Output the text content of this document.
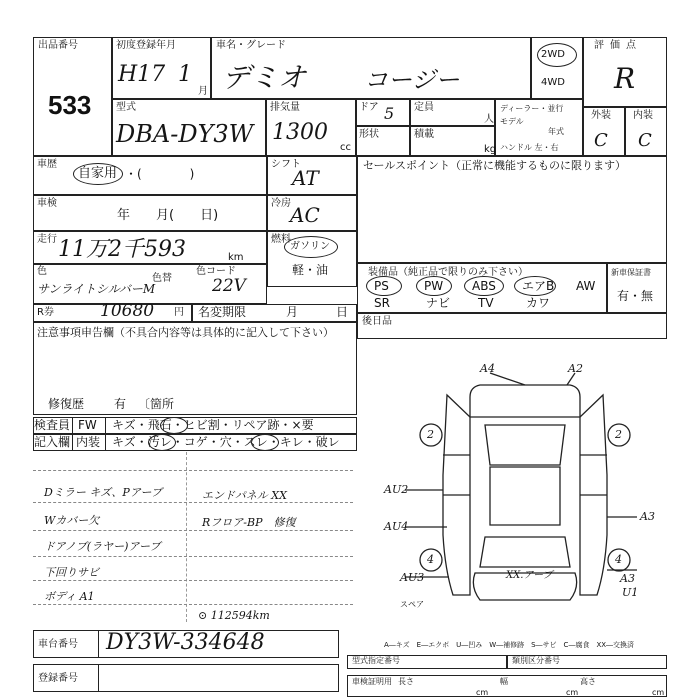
出品番号
533
初度登録年月
H17 1
月
車名・グレード
デミオ コージー
2WD
4WD
評価点
R
型式
DBA-DY3W
排気量
1300
cc
ドア 5 定員
人
ディーラー・並行
モデル
年式
ハンドル 左・右
形状	積載
kg
外装
C
内装
C
車歴
自家用 ・(　　　　)
シフト
AT
セールスポイント（正常に機能するものに限ります）
車検
年　　月(　　日)
冷房 AC
走行 11万2千593	km
燃料
ガソリン
軽・油
色
サンライトシルバーM
色替
色コード
22V
装備品（純正品で限りのみ下さい）	新車保証書
有・無
PS	PW ABS エアB AW
SR	ナビ TV	カワ
R券	10680 円 名変期限	月	日
後日品
注意事項申告欄（不具合内容等は具体的に記入して下さい）
修復歴 有 〔箇所
検査員 FW キズ・飛石・ヒビ割・リペア跡・×要
記入欄 内装 キズ・汚レ・コゲ・穴・スレ・キレ・破レ
Dミラー キズ、Pアーブ
Wカバー欠
ドアノブ(ラヤー)アーブ
下回りサビ
ボディ A1
エンドパネル XX
Rフロア-BP　修復
⊙ 112594km
A4	A2
2	2
AU2
AU4
A3
4	4
AU3	A3
U1
XX.アーブ
スペア
車台番号 DY3W-334648
登録番号
A―キズ　E―エクボ　U―凹み　W―補修跡　S―サビ　C―腐食　XX―交換済
型式指定番号	類別区分番号
車検証明用 長さ	幅	高さ
cm	cm	cm
